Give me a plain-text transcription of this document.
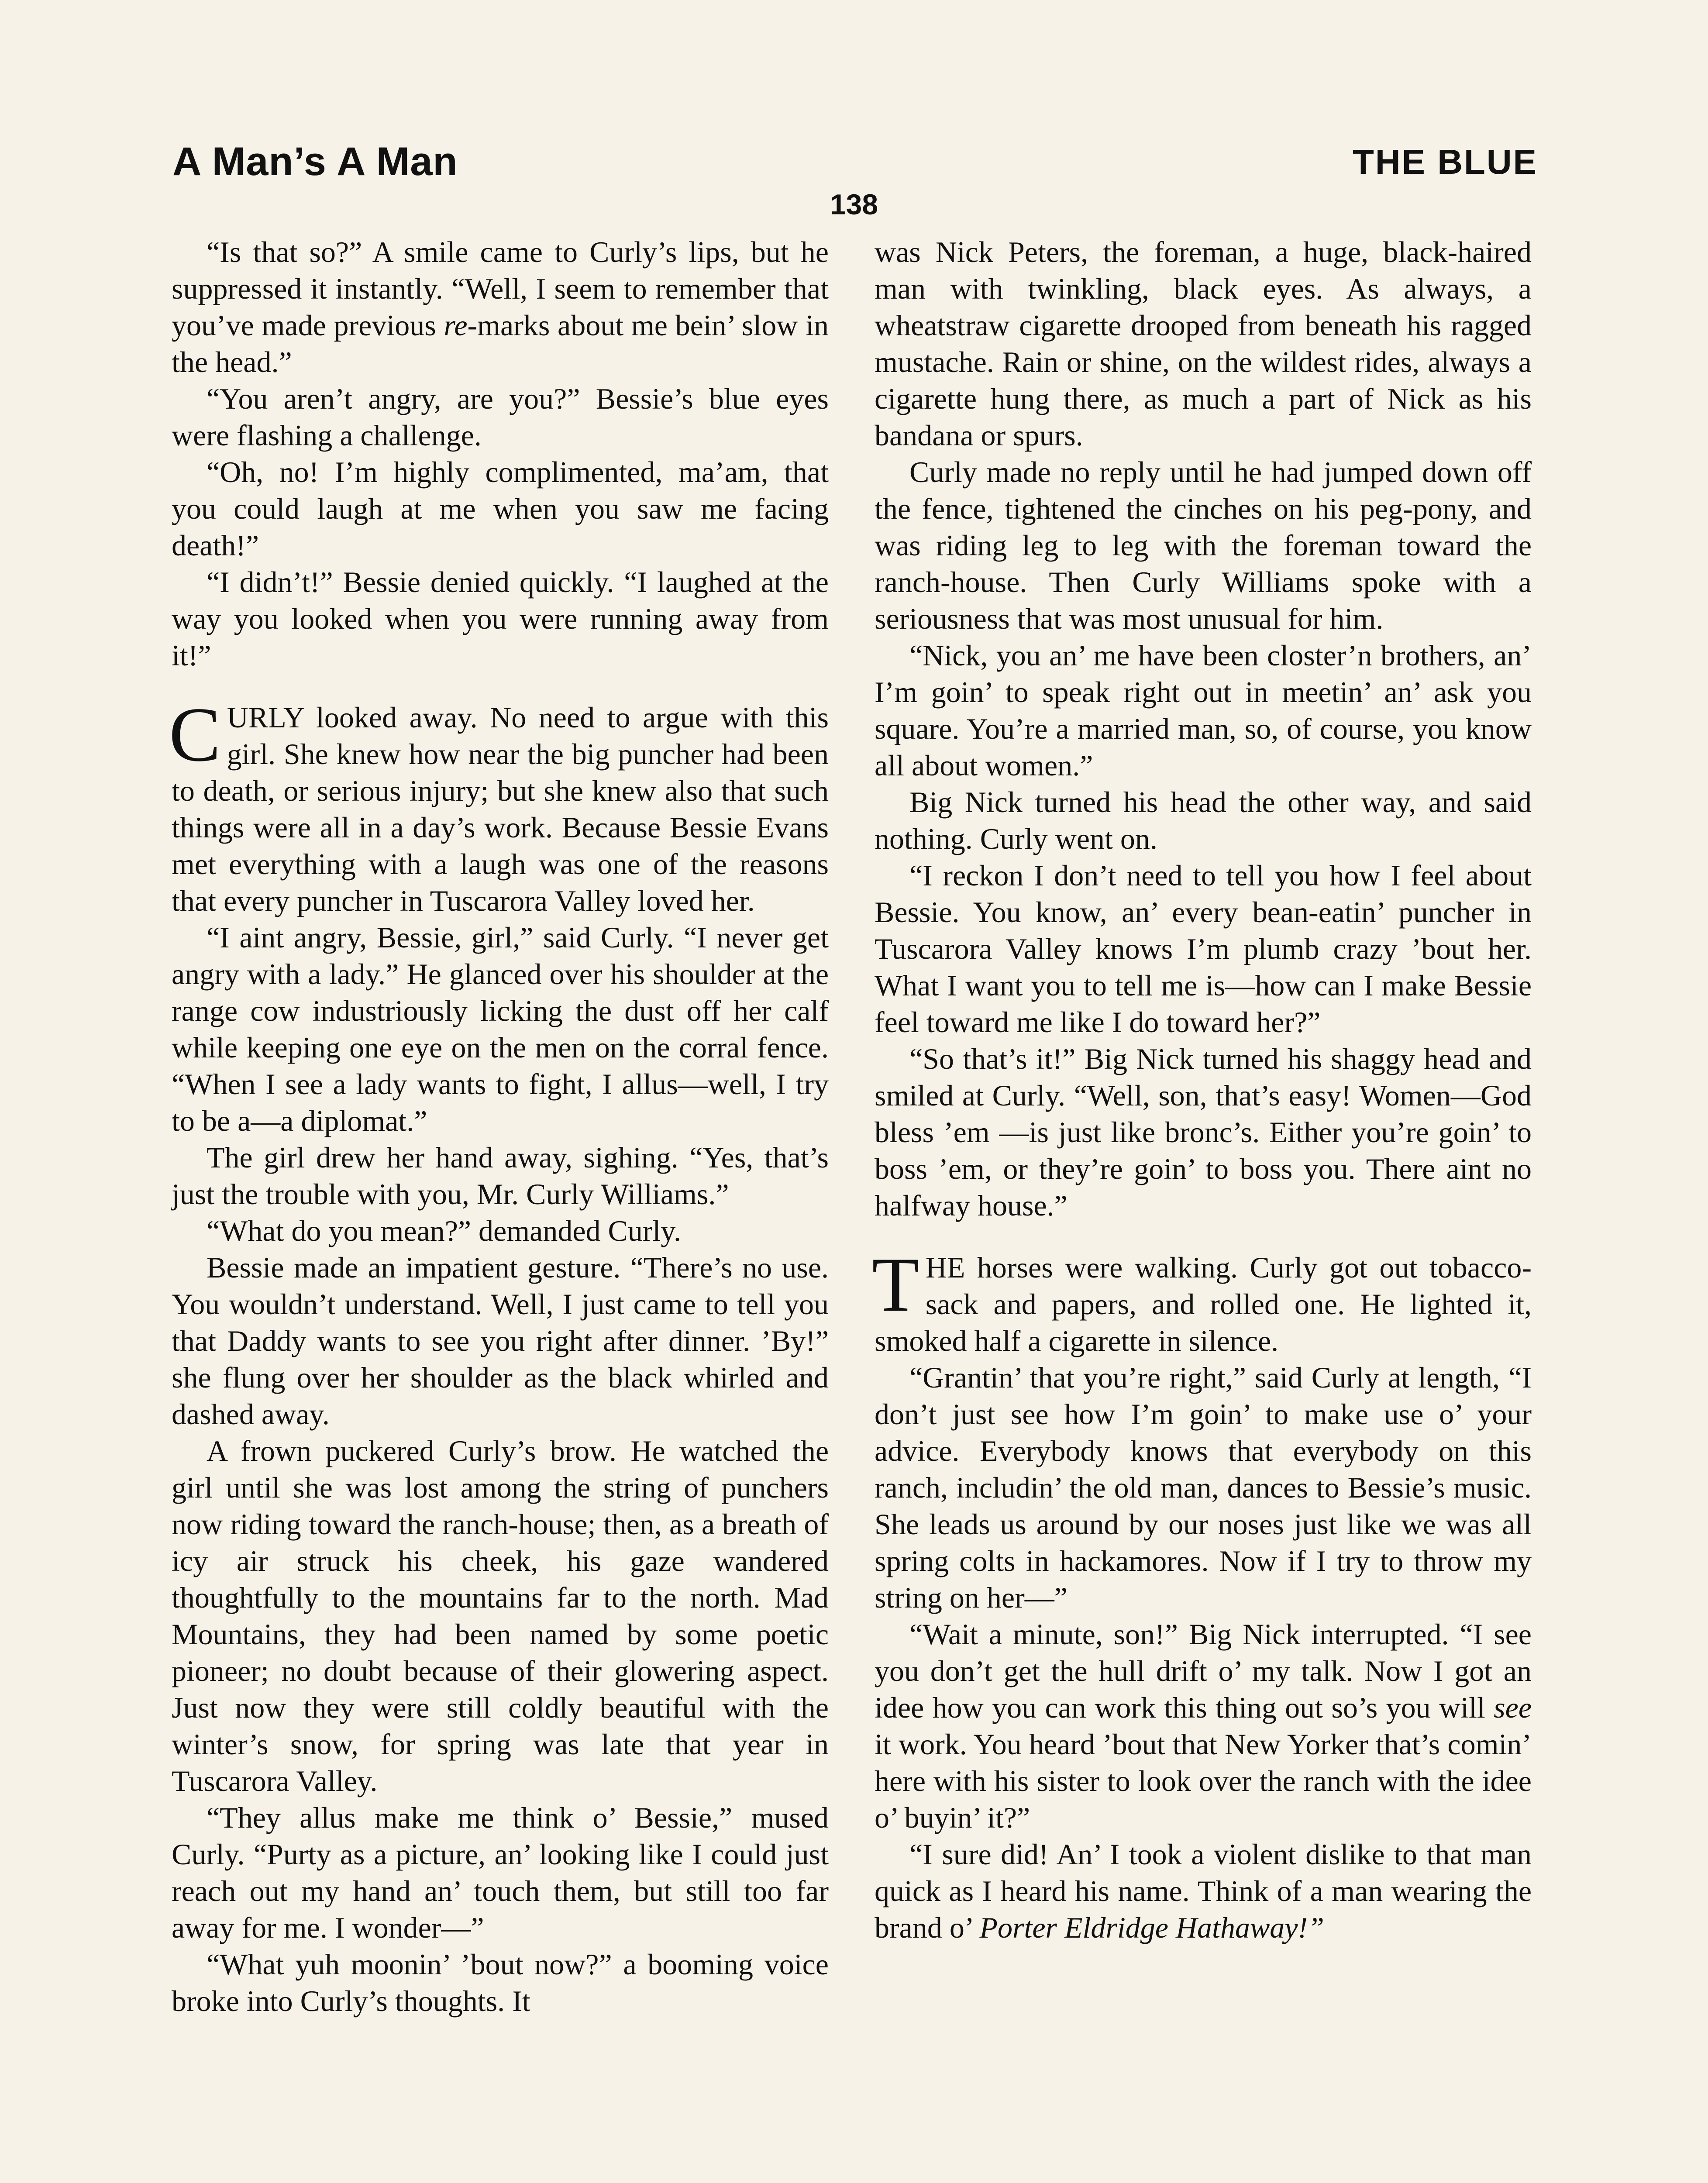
A Man’s A Man	THE BLUE
138

“Is that so?” A smile came to Curly’s lips, but he suppressed it instantly. “Well, I seem to remember that you’ve made previous re-marks about me bein’ slow in the head.”

“You aren’t angry, are you?” Bessie’s blue eyes were flashing a challenge.

“Oh, no! I’m highly complimented, ma’am, that you could laugh at me when you saw me facing death!”

“I didn’t!” Bessie denied quickly. “I laughed at the way you looked when you were running away from it!”

CURLY looked away. No need to argue with this girl. She knew how near the big puncher had been to death, or serious injury; but she knew also that such things were all in a day’s work. Because Bessie Evans met everything with a laugh was one of the reasons that every puncher in Tuscarora Valley loved her.

“I aint angry, Bessie, girl,” said Curly. “I never get angry with a lady.” He glanced over his shoulder at the range cow industriously licking the dust off her calf while keeping one eye on the men on the corral fence. “When I see a lady wants to fight, I allus—well, I try to be a—a diplomat.”

The girl drew her hand away, sighing. “Yes, that’s just the trouble with you, Mr. Curly Williams.”

“What do you mean?” demanded Curly.

Bessie made an impatient gesture. “There’s no use. You wouldn’t understand. Well, I just came to tell you that Daddy wants to see you right after dinner. ’By!” she flung over her shoulder as the black whirled and dashed away.

A frown puckered Curly’s brow. He watched the girl until she was lost among the string of punchers now riding toward the ranch-house; then, as a breath of icy air struck his cheek, his gaze wandered thoughtfully to the mountains far to the north. Mad Mountains, they had been named by some poetic pioneer; no doubt because of their glowering aspect. Just now they were still coldly beautiful with the winter’s snow, for spring was late that year in Tuscarora Valley.

“They allus make me think o’ Bessie,” mused Curly. “Purty as a picture, an’ looking like I could just reach out my hand an’ touch them, but still too far away for me. I wonder—”

“What yuh moonin’ ’bout now?” a booming voice broke into Curly’s thoughts. It

was Nick Peters, the foreman, a huge, black-haired man with twinkling, black eyes. As always, a wheatstraw cigarette drooped from beneath his ragged mustache. Rain or shine, on the wildest rides, always a cigarette hung there, as much a part of Nick as his bandana or spurs.

Curly made no reply until he had jumped down off the fence, tightened the cinches on his peg-pony, and was riding leg to leg with the foreman toward the ranch-house. Then Curly Williams spoke with a seriousness that was most unusual for him.

“Nick, you an’ me have been closter’n brothers, an’ I’m goin’ to speak right out in meetin’ an’ ask you square. You’re a married man, so, of course, you know all about women.”

Big Nick turned his head the other way, and said nothing. Curly went on.

“I reckon I don’t need to tell you how I feel about Bessie. You know, an’ every bean-eatin’ puncher in Tuscarora Valley knows I’m plumb crazy ’bout her. What I want you to tell me is—how can I make Bessie feel toward me like I do toward her?”

“So that’s it!” Big Nick turned his shaggy head and smiled at Curly. “Well, son, that’s easy! Women—God bless ’em —is just like bronc’s. Either you’re goin’ to boss ’em, or they’re goin’ to boss you. There aint no halfway house.”

THE horses were walking. Curly got out tobacco-sack and papers, and rolled one. He lighted it, smoked half a cigarette in silence.

“Grantin’ that you’re right,” said Curly at length, “I don’t just see how I’m goin’ to make use o’ your advice. Everybody knows that everybody on this ranch, includin’ the old man, dances to Bessie’s music. She leads us around by our noses just like we was all spring colts in hackamores. Now if I try to throw my string on her—”

“Wait a minute, son!” Big Nick interrupted. “I see you don’t get the hull drift o’ my talk. Now I got an idee how you can work this thing out so’s you will see it work. You heard ’bout that New Yorker that’s comin’ here with his sister to look over the ranch with the idee o’ buyin’ it?”

“I sure did! An’ I took a violent dislike to that man quick as I heard his name. Think of a man wearing the brand o’ Porter Eldridge Hathaway!”
